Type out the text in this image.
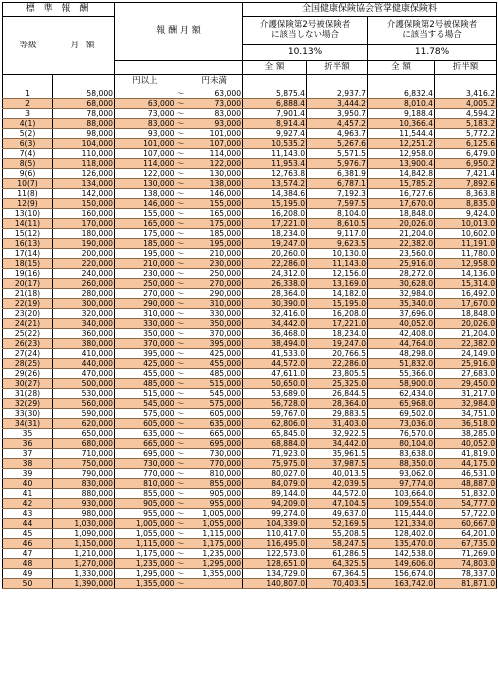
標 準 報 酬	報 酬 月 額	全国健康保険協会管掌健康保険料

等級	月 額

介護保険第2号被保険者
に該当しない場合

介護保険第2号被保険者
に該当する場合

10.13%	11.78%
	全 額	折半額	全 額	折半額
		円以上		円未満				
1	58,000		～	63,000	5,875.4	2,937.7	6,832.4	3,416.2
2	68,000	63,000	～	73,000	6,888.4	3,444.2	8,010.4	4,005.2
3	78,000	73,000	～	83,000	7,901.4	3,950.7	9,188.4	4,594.2
4(1)	88,000	83,000	～	93,000	8,914.4	4,457.2	10,366.4	5,183.2
5(2)	98,000	93,000	～	101,000	9,927.4	4,963.7	11,544.4	5,772.2
6(3)	104,000	101,000	～	107,000	10,535.2	5,267.6	12,251.2	6,125.6
7(4)	110,000	107,000	～	114,000	11,143.0	5,571.5	12,958.0	6,479.0
8(5)	118,000	114,000	～	122,000	11,953.4	5,976.7	13,900.4	6,950.2
9(6)	126,000	122,000	～	130,000	12,763.8	6,381.9	14,842.8	7,421.4
10(7)	134,000	130,000	～	138,000	13,574.2	6,787.1	15,785.2	7,892.6
11(8)	142,000	138,000	～	146,000	14,384.6	7,192.3	16,727.6	8,363.8
12(9)	150,000	146,000	～	155,000	15,195.0	7,597.5	17,670.0	8,835.0
13(10)	160,000	155,000	～	165,000	16,208.0	8,104.0	18,848.0	9,424.0
14(11)	170,000	165,000	～	175,000	17,221.0	8,610.5	20,026.0	10,013.0
15(12)	180,000	175,000	～	185,000	18,234.0	9,117.0	21,204.0	10,602.0
16(13)	190,000	185,000	～	195,000	19,247.0	9,623.5	22,382.0	11,191.0
17(14)	200,000	195,000	～	210,000	20,260.0	10,130.0	23,560.0	11,780.0
18(15)	220,000	210,000	～	230,000	22,286.0	11,143.0	25,916.0	12,958.0
19(16)	240,000	230,000	～	250,000	24,312.0	12,156.0	28,272.0	14,136.0
20(17)	260,000	250,000	～	270,000	26,338.0	13,169.0	30,628.0	15,314.0
21(18)	280,000	270,000	～	290,000	28,364.0	14,182.0	32,984.0	16,492.0
22(19)	300,000	290,000	～	310,000	30,390.0	15,195.0	35,340.0	17,670.0
23(20)	320,000	310,000	～	330,000	32,416.0	16,208.0	37,696.0	18,848.0
24(21)	340,000	330,000	～	350,000	34,442.0	17,221.0	40,052.0	20,026.0
25(22)	360,000	350,000	～	370,000	36,468.0	18,234.0	42,408.0	21,204.0
26(23)	380,000	370,000	～	395,000	38,494.0	19,247.0	44,764.0	22,382.0
27(24)	410,000	395,000	～	425,000	41,533.0	20,766.5	48,298.0	24,149.0
28(25)	440,000	425,000	～	455,000	44,572.0	22,286.0	51,832.0	25,916.0
29(26)	470,000	455,000	～	485,000	47,611.0	23,805.5	55,366.0	27,683.0
30(27)	500,000	485,000	～	515,000	50,650.0	25,325.0	58,900.0	29,450.0
31(28)	530,000	515,000	～	545,000	53,689.0	26,844.5	62,434.0	31,217.0
32(29)	560,000	545,000	～	575,000	56,728.0	28,364.0	65,968.0	32,984.0
33(30)	590,000	575,000	～	605,000	59,767.0	29,883.5	69,502.0	34,751.0
34(31)	620,000	605,000	～	635,000	62,806.0	31,403.0	73,036.0	36,518.0
35	650,000	635,000	～	665,000	65,845.0	32,922.5	76,570.0	38,285.0
36	680,000	665,000	～	695,000	68,884.0	34,442.0	80,104.0	40,052.0
37	710,000	695,000	～	730,000	71,923.0	35,961.5	83,638.0	41,819.0
38	750,000	730,000	～	770,000	75,975.0	37,987.5	88,350.0	44,175.0
39	790,000	770,000	～	810,000	80,027.0	40,013.5	93,062.0	46,531.0
40	830,000	810,000	～	855,000	84,079.0	42,039.5	97,774.0	48,887.0
41	880,000	855,000	～	905,000	89,144.0	44,572.0	103,664.0	51,832.0
42	930,000	905,000	～	955,000	94,209.0	47,104.5	109,554.0	54,777.0
43	980,000	955,000	～	1,005,000	99,274.0	49,637.0	115,444.0	57,722.0
44	1,030,000	1,005,000	～	1,055,000	104,339.0	52,169.5	121,334.0	60,667.0
45	1,090,000	1,055,000	～	1,115,000	110,417.0	55,208.5	128,402.0	64,201.0
46	1,150,000	1,115,000	～	1,175,000	116,495.0	58,247.5	135,470.0	67,735.0
47	1,210,000	1,175,000	～	1,235,000	122,573.0	61,286.5	142,538.0	71,269.0
48	1,270,000	1,235,000	～	1,295,000	128,651.0	64,325.5	149,606.0	74,803.0
49	1,330,000	1,295,000	～	1,355,000	134,729.0	67,364.5	156,674.0	78,337.0
50	1,390,000	1,355,000	～		140,807.0	70,403.5	163,742.0	81,871.0
